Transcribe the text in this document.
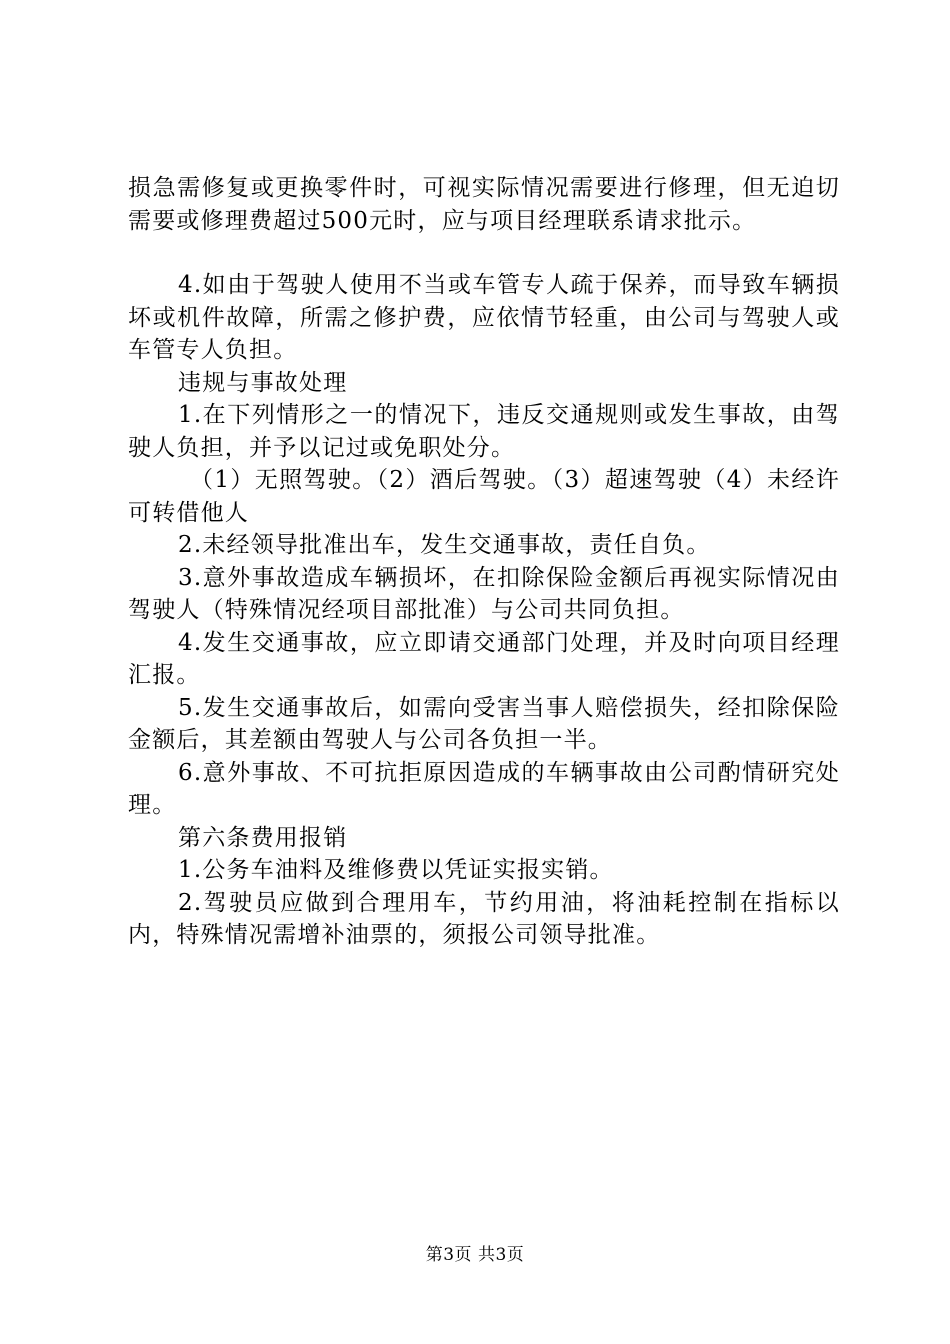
损急需修复或更换零件时，可视实际情况需要进行修理，但无迫切需要或修理费超过500元时，应与项目经理联系请求批示。

4.如由于驾驶人使用不当或车管专人疏于保养，而导致车辆损坏或机件故障，所需之修护费，应依情节轻重，由公司与驾驶人或车管专人负担。

违规与事故处理

1.在下列情形之一的情况下，违反交通规则或发生事故，由驾驶人负担，并予以记过或免职处分。

（1）无照驾驶。（2）酒后驾驶。（3）超速驾驶（4）未经许可转借他人

2.未经领导批准出车，发生交通事故，责任自负。

3.意外事故造成车辆损坏，在扣除保险金额后再视实际情况由驾驶人（特殊情况经项目部批准）与公司共同负担。

4.发生交通事故，应立即请交通部门处理，并及时向项目经理汇报。

5.发生交通事故后，如需向受害当事人赔偿损失，经扣除保险金额后，其差额由驾驶人与公司各负担一半。

6.意外事故、不可抗拒原因造成的车辆事故由公司酌情研究处理。

第六条费用报销

1.公务车油料及维修费以凭证实报实销。

2.驾驶员应做到合理用车，节约用油，将油耗控制在指标以内，特殊情况需增补油票的，须报公司领导批准。

第3页 共3页
